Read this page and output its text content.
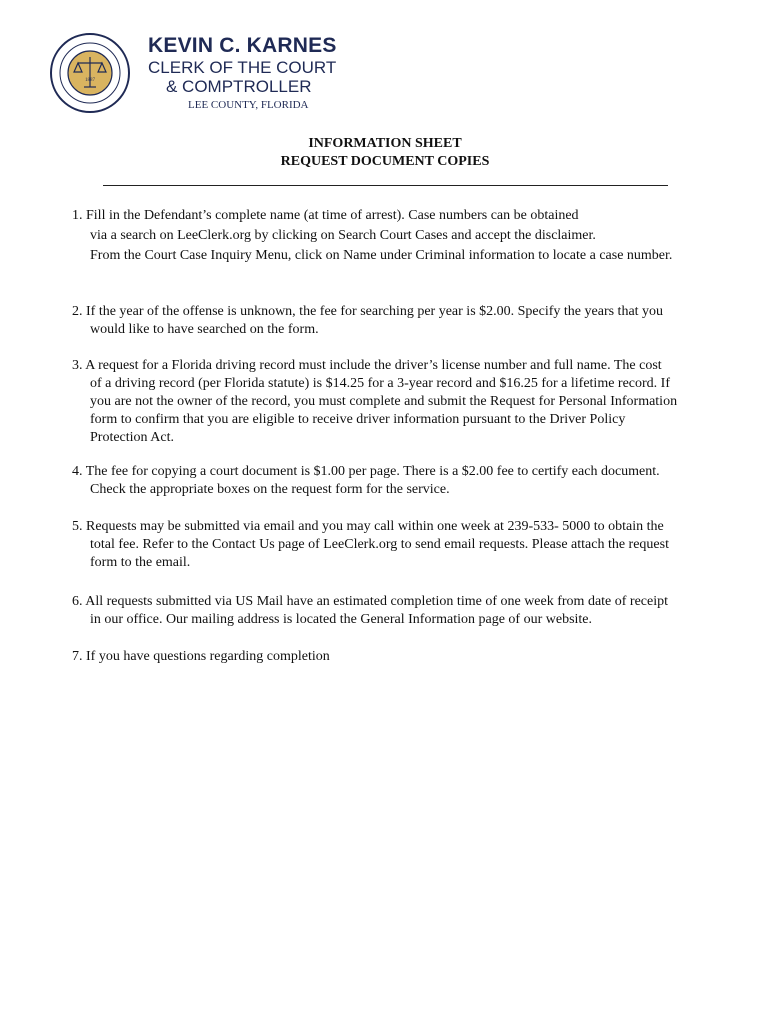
1887
KEVIN C. KARNES
CLERK OF THE COURT
& COMPTROLLER
LEE COUNTY, FLORIDA
INFORMATION SHEET
REQUEST DOCUMENT COPIES
1. Fill in the Defendant’s complete name (at time of arrest). Case numbers can be obtained
via a search on LeeClerk.org by clicking on Search Court Cases and accept the disclaimer.
From the Court Case Inquiry Menu, click on Name under Criminal information to locate a case number.
2. If the year of the offense is unknown, the fee for searching per year is $2.00. Specify the years that you
would like to have searched on the form.
3. A request for a Florida driving record must include the driver’s license number and full name. The cost
of a driving record (per Florida statute) is $14.25 for a 3-year record and $16.25 for a lifetime record. If
you are not the owner of the record, you must complete and submit the Request for Personal Information
form to confirm that you are eligible to receive driver information pursuant to the Driver Policy
Protection Act.
4. The fee for copying a court document is $1.00 per page. There is a $2.00 fee to certify each document.
Check the appropriate boxes on the request form for the service.
5. Requests may be submitted via email and you may call within one week at 239-533- 5000 to obtain the
total fee. Refer to the Contact Us page of LeeClerk.org to send email requests. Please attach the request
form to the email.
6. All requests submitted via US Mail have an estimated completion time of one week from date of receipt
in our office. Our mailing address is located the General Information page of our website.
7. If you have questions regarding completion
